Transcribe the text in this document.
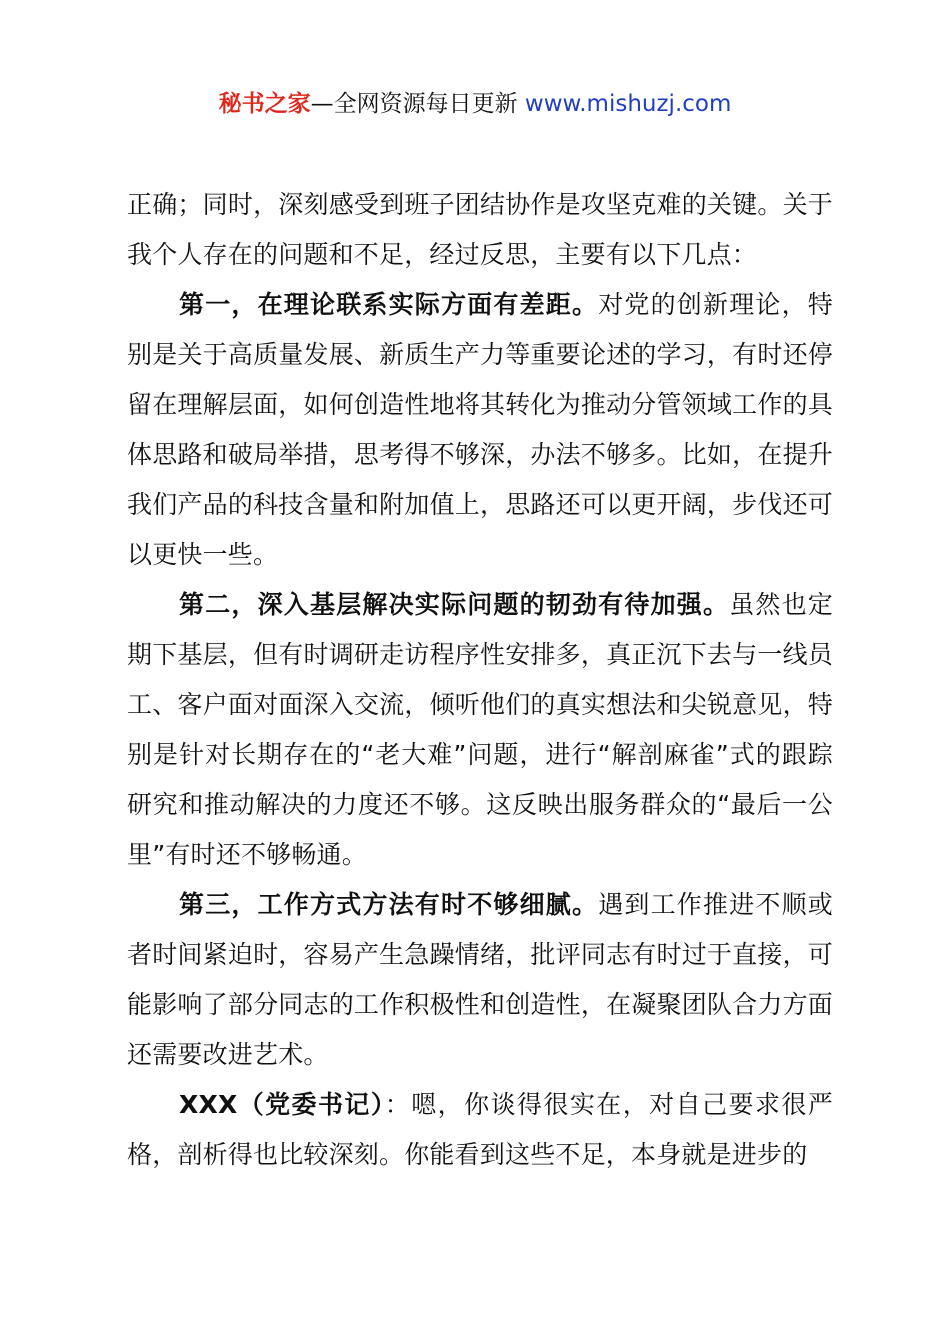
秘书之家—全网资源每日更新 www.mishuzj.com

正确；同时，深刻感受到班子团结协作是攻坚克难的关键。关于我个人存在的问题和不足，经过反思，主要有以下几点：

第一，在理论联系实际方面有差距。对党的创新理论，特别是关于高质量发展、新质生产力等重要论述的学习，有时还停留在理解层面，如何创造性地将其转化为推动分管领域工作的具体思路和破局举措，思考得不够深，办法不够多。比如，在提升我们产品的科技含量和附加值上，思路还可以更开阔，步伐还可以更快一些。

第二，深入基层解决实际问题的韧劲有待加强。虽然也定期下基层，但有时调研走访程序性安排多，真正沉下去与一线员工、客户面对面深入交流，倾听他们的真实想法和尖锐意见，特别是针对长期存在的“老大难”问题，进行“解剖麻雀”式的跟踪研究和推动解决的力度还不够。这反映出服务群众的“最后一公里”有时还不够畅通。

第三，工作方式方法有时不够细腻。遇到工作推进不顺或者时间紧迫时，容易产生急躁情绪，批评同志有时过于直接，可能影响了部分同志的工作积极性和创造性，在凝聚团队合力方面还需要改进艺术。

XXX（党委书记）：嗯，你谈得很实在，对自己要求很严格，剖析得也比较深刻。你能看到这些不足，本身就是进步的
